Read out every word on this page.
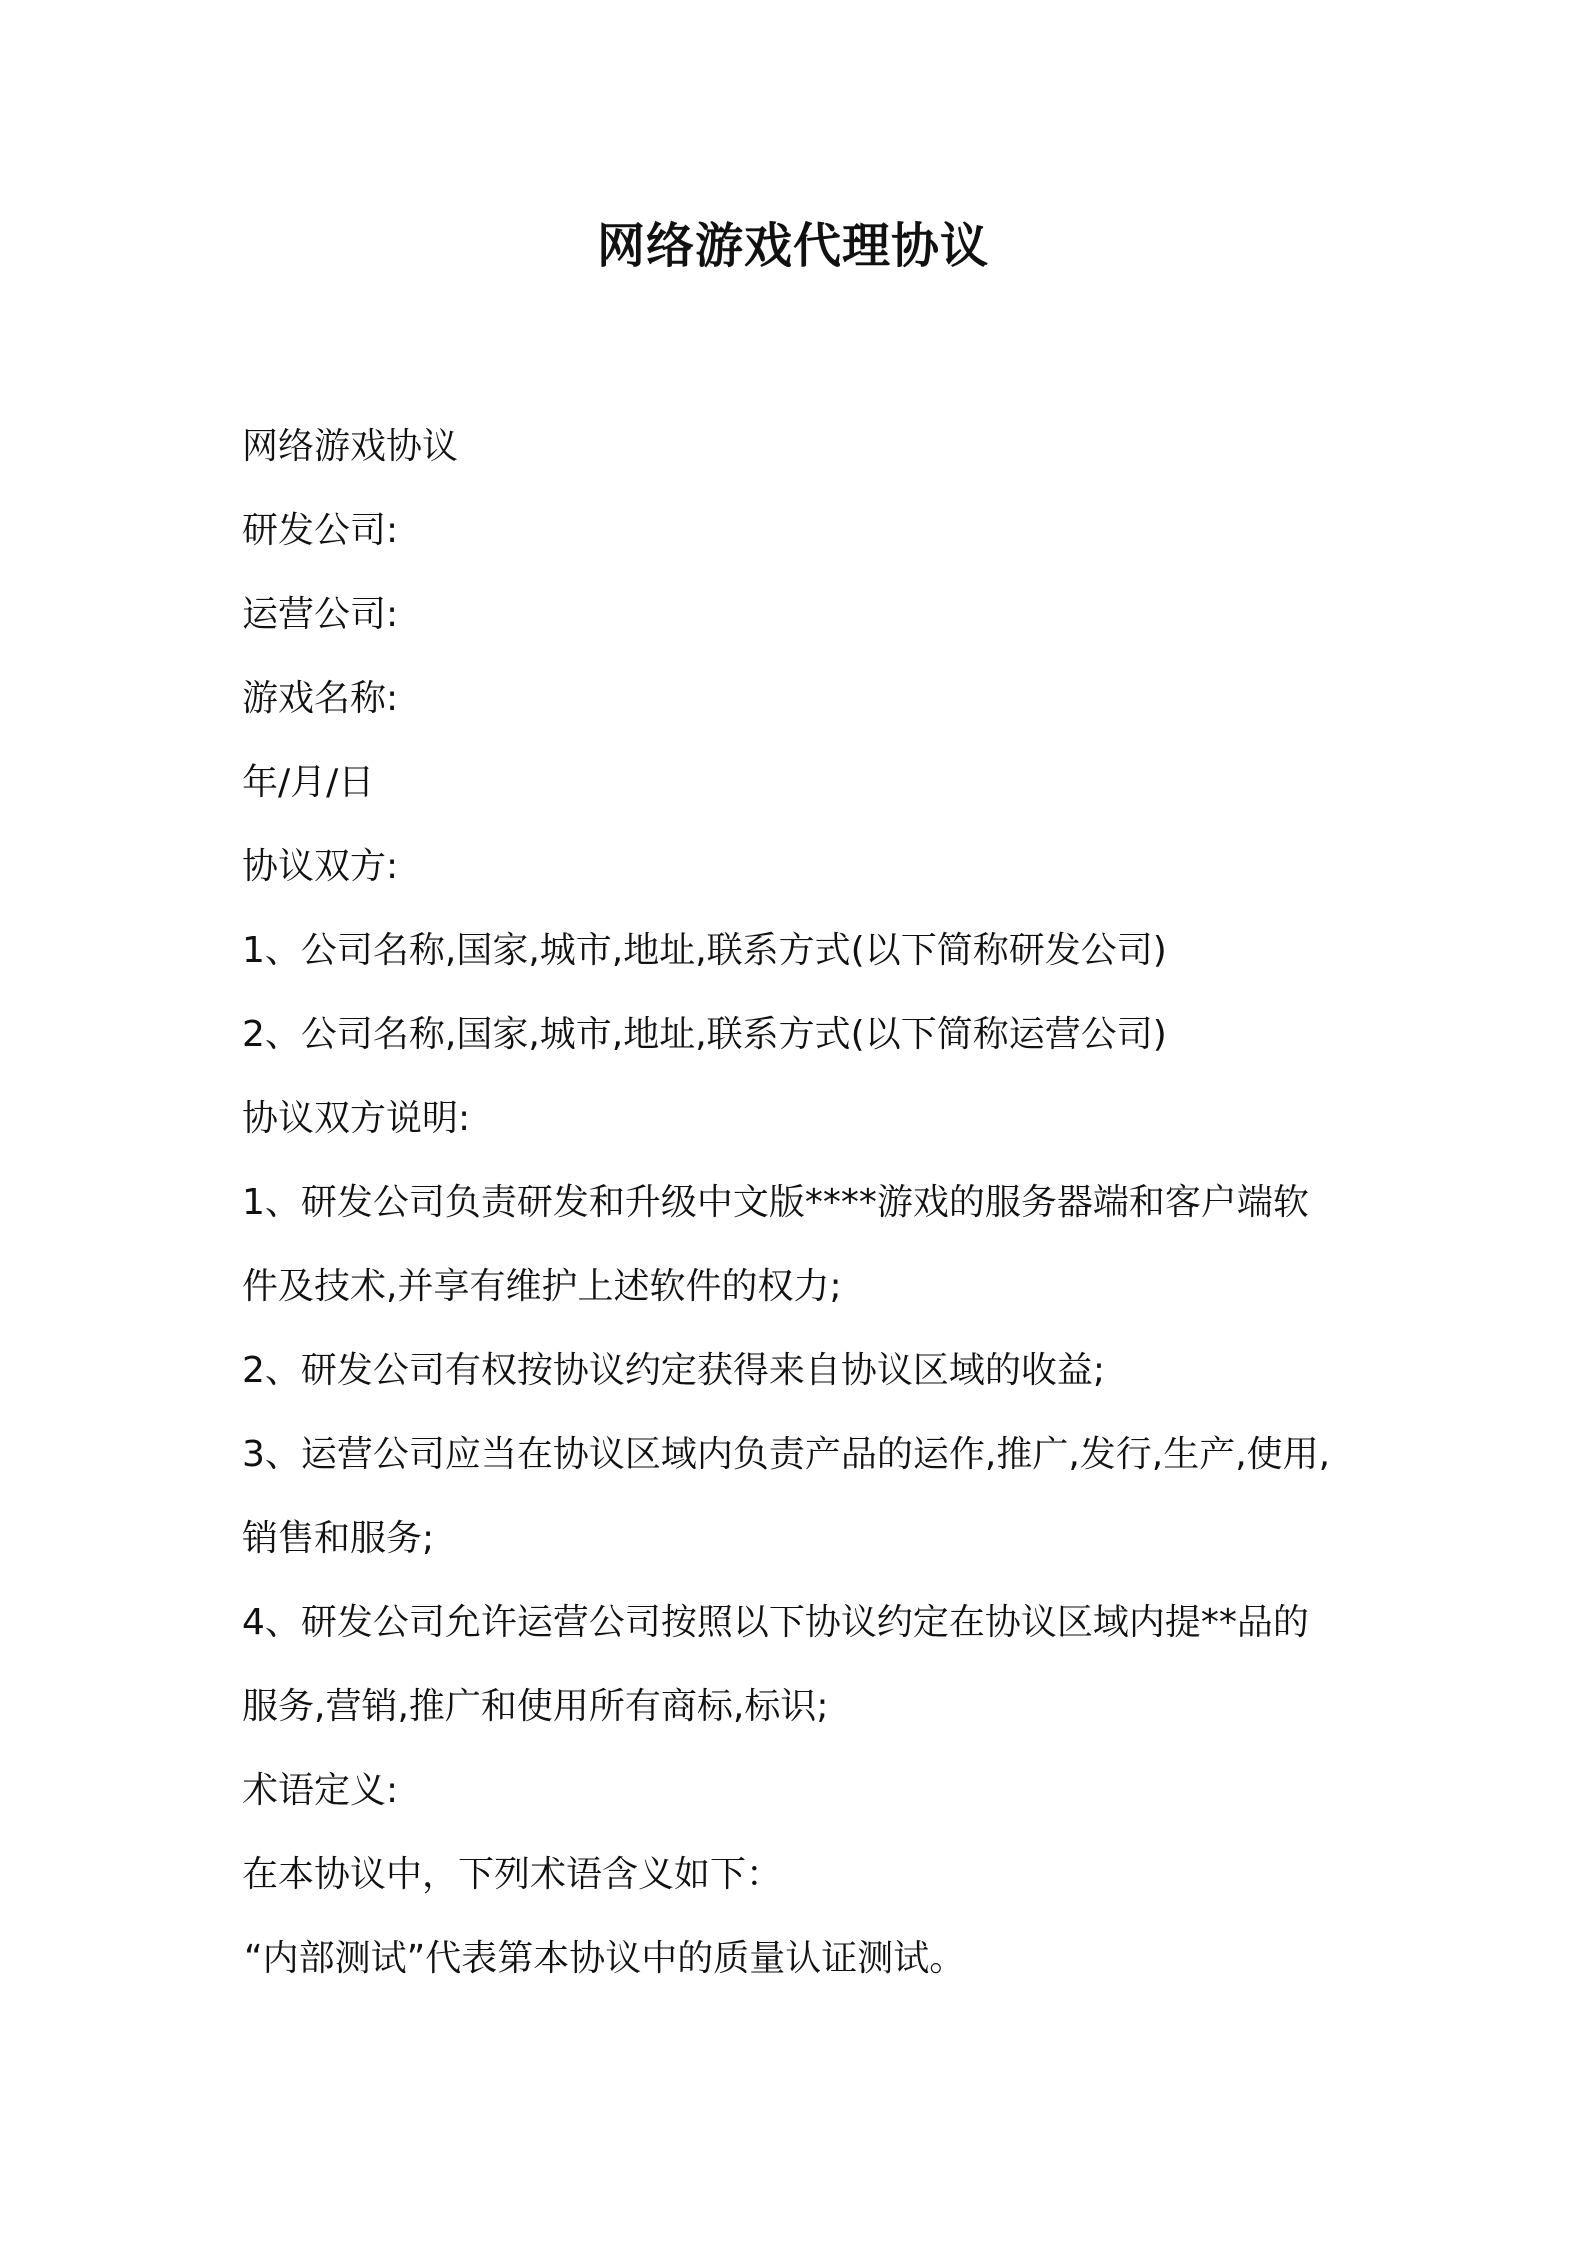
网络游戏代理协议
网络游戏协议
研发公司:
运营公司:
游戏名称:
年/月/日
协议双方:
1、公司名称,国家,城市,地址,联系方式(以下简称研发公司)
2、公司名称,国家,城市,地址,联系方式(以下简称运营公司)
协议双方说明:
1、研发公司负责研发和升级中文版****游戏的服务器端和客户端软
件及技术,并享有维护上述软件的权力;
2、研发公司有权按协议约定获得来自协议区域的收益;
3、运营公司应当在协议区域内负责产品的运作,推广,发行,生产,使用,
销售和服务;
4、研发公司允许运营公司按照以下协议约定在协议区域内提**品的
服务,营销,推广和使用所有商标,标识;
术语定义:
在本协议中，下列术语含义如下：
“内部测试”代表第本协议中的质量认证测试。
